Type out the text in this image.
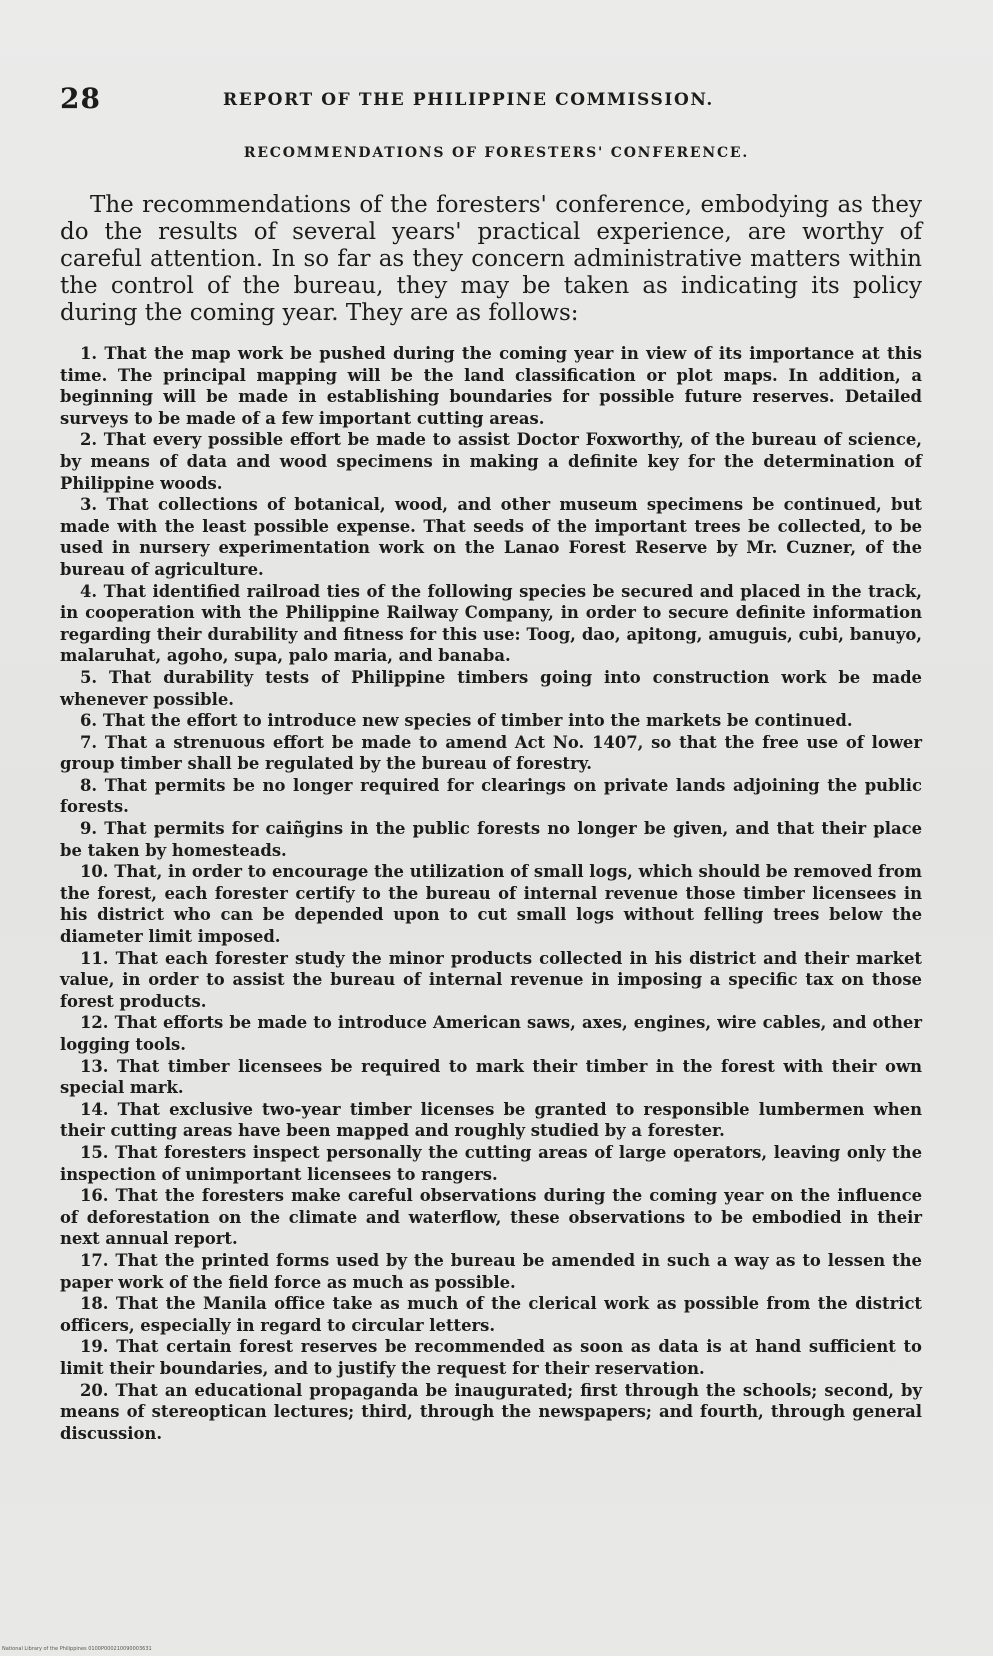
28	REPORT OF THE PHILIPPINE COMMISSION.
RECOMMENDATIONS OF FORESTERS' CONFERENCE.

The recommendations of the foresters' conference, embodying as they do the results of several years' practical experience, are worthy of careful attention. In so far as they concern administrative matters within the control of the bureau, they may be taken as indicating its policy during the coming year. They are as follows:

1. That the map work be pushed during the coming year in view of its importance at this time. The principal mapping will be the land classification or plot maps. In addition, a beginning will be made in establishing boundaries for possible future reserves. Detailed surveys to be made of a few important cutting areas.
2. That every possible effort be made to assist Doctor Foxworthy, of the bureau of science, by means of data and wood specimens in making a definite key for the determination of Philippine woods.
3. That collections of botanical, wood, and other museum specimens be continued, but made with the least possible expense. That seeds of the important trees be collected, to be used in nursery experimentation work on the Lanao Forest Reserve by Mr. Cuzner, of the bureau of agriculture.
4. That identified railroad ties of the following species be secured and placed in the track, in cooperation with the Philippine Railway Company, in order to secure definite information regarding their durability and fitness for this use: Toog, dao, apitong, amuguis, cubi, banuyo, malaruhat, agoho, supa, palo maria, and banaba.
5. That durability tests of Philippine timbers going into construction work be made whenever possible.
6. That the effort to introduce new species of timber into the markets be continued.
7. That a strenuous effort be made to amend Act No. 1407, so that the free use of lower group timber shall be regulated by the bureau of forestry.
8. That permits be no longer required for clearings on private lands adjoining the public forests.
9. That permits for caiñgins in the public forests no longer be given, and that their place be taken by homesteads.
10. That, in order to encourage the utilization of small logs, which should be removed from the forest, each forester certify to the bureau of internal revenue those timber licensees in his district who can be depended upon to cut small logs without felling trees below the diameter limit imposed.
11. That each forester study the minor products collected in his district and their market value, in order to assist the bureau of internal revenue in imposing a specific tax on those forest products.
12. That efforts be made to introduce American saws, axes, engines, wire cables, and other logging tools.
13. That timber licensees be required to mark their timber in the forest with their own special mark.
14. That exclusive two-year timber licenses be granted to responsible lumbermen when their cutting areas have been mapped and roughly studied by a forester.
15. That foresters inspect personally the cutting areas of large operators, leaving only the inspection of unimportant licensees to rangers.
16. That the foresters make careful observations during the coming year on the influence of deforestation on the climate and waterflow, these observations to be embodied in their next annual report.
17. That the printed forms used by the bureau be amended in such a way as to lessen the paper work of the field force as much as possible.
18. That the Manila office take as much of the clerical work as possible from the district officers, especially in regard to circular letters.
19. That certain forest reserves be recommended as soon as data is at hand sufficient to limit their boundaries, and to justify the request for their reservation.
20. That an educational propaganda be inaugurated; first through the schools; second, by means of stereoptican lectures; third, through the newspapers; and fourth, through general discussion.
National Library of the Philippines 0100P000210090003631
